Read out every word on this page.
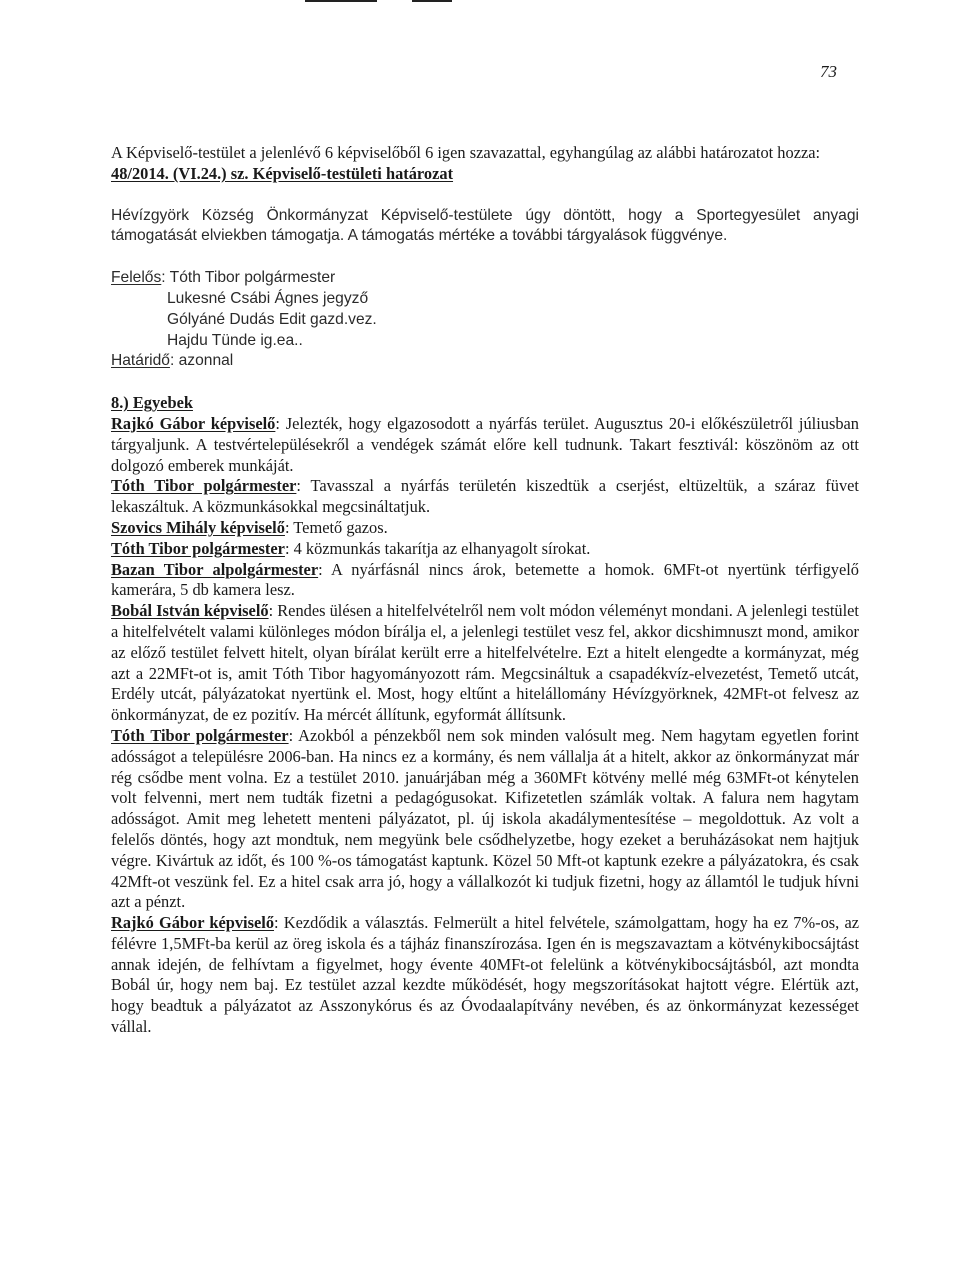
73

A Képviselő-testület a jelenlévő 6 képviselőből 6 igen szavazattal, egyhangúlag az alábbi határozatot hozza:

48/2014. (VI.24.) sz. Képviselő-testületi határozat

Hévízgyörk Község Önkormányzat Képviselő-testülete úgy döntött, hogy a Sportegyesület anyagi támogatását elviekben támogatja. A támogatás mértéke a további tárgyalások függvénye.

Felelős: Tóth Tibor polgármester

Lukesné Csábi Ágnes jegyző

Gólyáné Dudás Edit gazd.vez.

Hajdu Tünde ig.ea..

Határidő: azonnal

8.) Egyebek

Rajkó Gábor képviselő: Jelezték, hogy elgazosodott a nyárfás terület. Augusztus 20-i előkészületről júliusban tárgyaljunk. A testvértelepülésekről a vendégek számát előre kell tudnunk. Takart fesztivál: köszönöm az ott dolgozó emberek munkáját.

Tóth Tibor polgármester: Tavasszal a nyárfás területén kiszedtük a cserjést, eltüzeltük, a száraz füvet lekaszáltuk. A közmunkásokkal megcsináltatjuk.

Szovics Mihály képviselő: Temető gazos.

Tóth Tibor polgármester: 4 közmunkás takarítja az elhanyagolt sírokat.

Bazan Tibor alpolgármester: A nyárfásnál nincs árok, betemette a homok. 6MFt-ot nyertünk térfigyelő kamerára, 5 db kamera lesz.

Bobál István képviselő: Rendes ülésen a hitelfelvételről nem volt módon véleményt mondani. A jelenlegi testület a hitelfelvételt valami különleges módon bírálja el, a jelenlegi testület vesz fel, akkor dicshimnuszt mond, amikor az előző testület felvett hitelt, olyan bírálat került erre a hitelfelvételre. Ezt a hitelt elengedte a kormányzat, még azt a 22MFt-ot is, amit Tóth Tibor hagyományozott rám. Megcsináltuk a csapadékvíz-elvezetést, Temető utcát, Erdély utcát, pályázatokat nyertünk el. Most, hogy eltűnt a hitelállomány Hévízgyörknek, 42MFt-ot felvesz az önkormányzat, de ez pozitív. Ha mércét állítunk, egyformát állítsunk.

Tóth Tibor polgármester: Azokból a pénzekből nem sok minden valósult meg. Nem hagytam egyetlen forint adósságot a településre 2006-ban. Ha nincs ez a kormány, és nem vállalja át a hitelt, akkor az önkormányzat már rég csődbe ment volna. Ez a testület 2010. januárjában még a 360MFt kötvény mellé még 63MFt-ot kénytelen volt felvenni, mert nem tudták fizetni a pedagógusokat. Kifizetetlen számlák voltak. A falura nem hagytam adósságot. Amit meg lehetett menteni pályázatot, pl. új iskola akadálymentesítése – megoldottuk. Az volt a felelős döntés, hogy azt mondtuk, nem megyünk bele csődhelyzetbe, hogy ezeket a beruházásokat nem hajtjuk végre. Kivártuk az időt, és 100 %-os támogatást kaptunk. Közel 50 Mft-ot kaptunk ezekre a pályázatokra, és csak 42Mft-ot veszünk fel. Ez a hitel csak arra jó, hogy a vállalkozót ki tudjuk fizetni, hogy az államtól le tudjuk hívni azt a pénzt.

Rajkó Gábor képviselő: Kezdődik a választás. Felmerült a hitel felvétele, számolgattam, hogy ha ez 7%-os, az félévre 1,5MFt-ba kerül az öreg iskola és a tájház finanszírozása. Igen én is megszavaztam a kötvénykibocsájtást annak idején, de felhívtam a figyelmet, hogy évente 40MFt-ot felelünk a kötvénykibocsájtásból, azt mondta Bobál úr, hogy nem baj. Ez testület azzal kezdte működését, hogy megszorításokat hajtott végre. Elértük azt, hogy beadtuk a pályázatot az Asszonykórus és az Óvodaalapítvány nevében, és az önkormányzat kezességet vállal.
